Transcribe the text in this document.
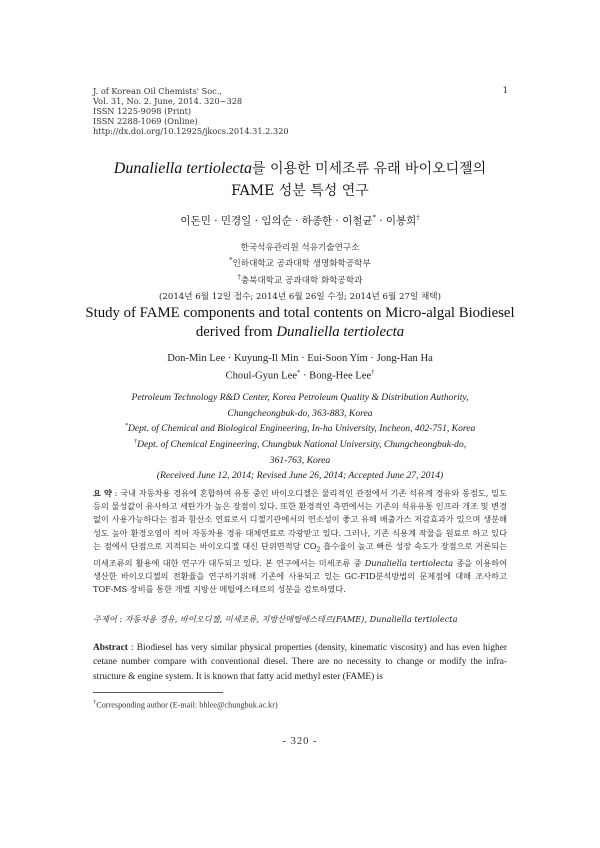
J. of Korean Oil Chemists' Soc.,
Vol. 31, No. 2. June, 2014. 320~328
ISSN 1225-9098 (Print)
ISSN 2288-1069 (Online)
http://dx.doi.org/10.12925/jkocs.2014.31.2.320
1
Dunaliella tertiolecta를 이용한 미세조류 유래 바이오디젤의
FAME 성분 특성 연구
이돈민 · 민경일 · 임의순 · 하종한 · 이철균* · 이봉희†
한국석유관리원 석유기술연구소
*인하대학교 공과대학 생명화학공학부
†충북대학교 공과대학 화학공학과
(2014년 6월 12일 접수; 2014년 6월 26일 수정; 2014년 6월 27일 채택)
Study of FAME components and total contents on Micro-algal Biodiesel
derived from Dunaliella tertiolecta
Don-Min Lee · Kuyung-Il Min · Eui-Soon Yim · Jong-Han Ha
Choul-Gyun Lee* · Bong-Hee Lee†
Petroleum Technology R&D Center, Korea Petroleum Quality & Distribution Authority,
Chungcheongbuk-do, 363-883, Korea
*Dept. of Chemical and Biological Engineering, In-ha University, Incheon, 402-751, Korea
†Dept. of Chemical Engineering, Chungbuk National University, Chungcheongbuk-do,
361-763, Korea
(Received June 12, 2014; Revised June 26, 2014; Accepted June 27, 2014)
요 약 : 국내 자동차용 경유에 혼합하여 유통 중인 바이오디젤은 물리적인 관점에서 기존 석유계 경유와 동점도, 밀도 등의 물성값이 유사하고 세탄가가 높은 장점이 있다. 또한 환경적인 측면에서는 기존의 석유유통 인프라 개조 및 변경없이 사용가능하다는 점과 함산소 연료로서 디젤기관에서의 연소성이 좋고 유해 배출가스 저감효과가 있으며 생분해성도 높아 환경오염이 적어 자동차용 경유 대체연료로 각광받고 있다. 그러나, 기존 식용계 작물을 원료로 하고 있다는 점에서 단점으로 지적되는 바이오디젤 대신 단위면적당 $CO_2$ 흡수율이 높고 빠른 성장 속도가 장점으로 거론되는 미세조류의 활용에 대한 연구가 대두되고 있다. 본 연구에서는 미세조류 중 Dunaliella tertiolecta 종을 이용하여 생산한 바이오디젤의 전환율을 연구하기위해 기존에 사용되고 있는 GC-FID분석방법의 문제점에 대해 조사하고 TOF-MS 장비를 통한 개별 지방산 메틸에스테르의 성분을 검토하였다.
주제어 : 자동차용 경유, 바이오디젤, 미세조류, 지방산메틸에스테르(FAME), Dunaliella tertiolecta
Abstract : Biodiesel has very similar physical properties (density, kinematic viscosity) and has even higher cetane number compare with conventional diesel. There are no necessity to change or modify the infra-structure & engine system. It is known that fatty acid methyl ester (FAME) is
†Corresponding author (E-mail: bhlee@chungbuk.ac.kr)
- 320 -
